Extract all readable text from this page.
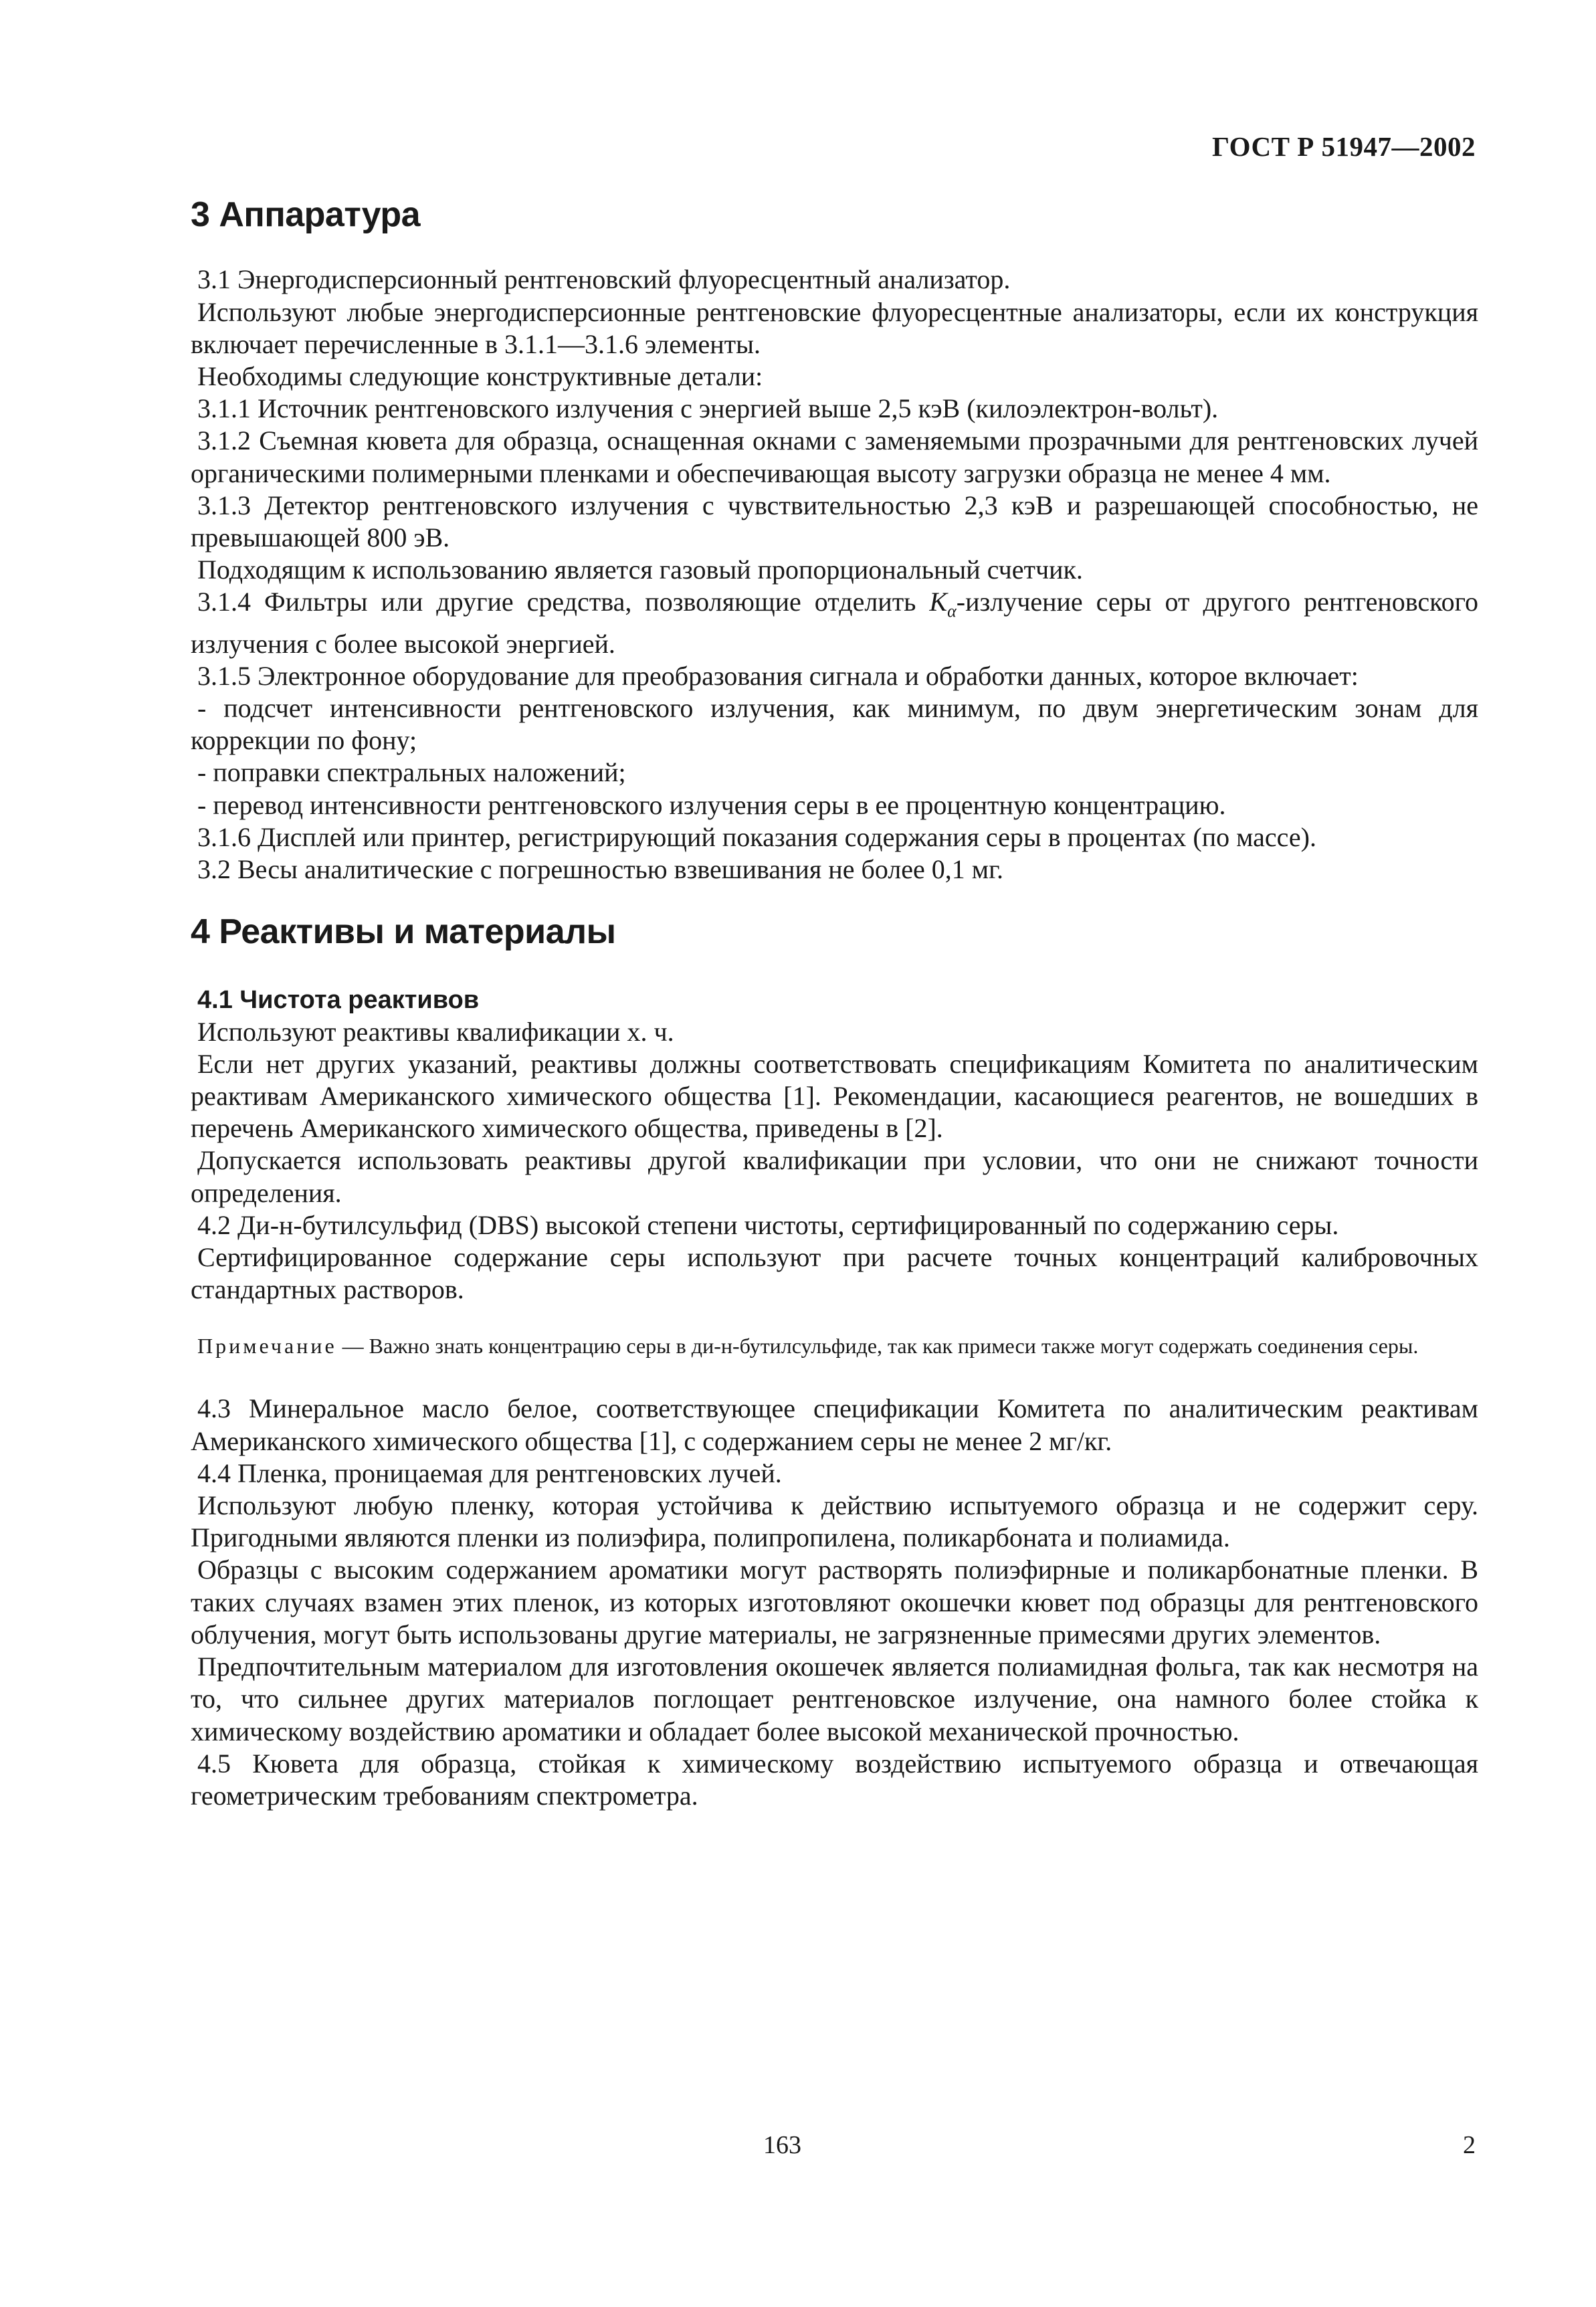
ГОСТ Р 51947—2002
3 Аппаратура

3.1 Энергодисперсионный рентгеновский флуоресцентный анализатор.

Используют любые энергодисперсионные рентгеновские флуоресцентные анализаторы, если их конструкция включает перечисленные в 3.1.1—3.1.6 элементы.

Необходимы следующие конструктивные детали:

3.1.1 Источник рентгеновского излучения с энергией выше 2,5 кэВ (килоэлектрон-вольт).

3.1.2 Съемная кювета для образца, оснащенная окнами с заменяемыми прозрачными для рентгеновских лучей органическими полимерными пленками и обеспечивающая высоту загрузки образца не менее 4 мм.

3.1.3 Детектор рентгеновского излучения с чувствительностью 2,3 кэВ и разрешающей способностью, не превышающей 800 эВ.

Подходящим к использованию является газовый пропорциональный счетчик.

3.1.4 Фильтры или другие средства, позволяющие отделить $K_\alpha$-излучение серы от другого рентгеновского излучения с более высокой энергией.

3.1.5 Электронное оборудование для преобразования сигнала и обработки данных, которое включает:

- подсчет интенсивности рентгеновского излучения, как минимум, по двум энергетическим зонам для коррекции по фону;

- поправки спектральных наложений;

- перевод интенсивности рентгеновского излучения серы в ее процентную концентрацию.

3.1.6 Дисплей или принтер, регистрирующий показания содержания серы в процентах (по массе).

3.2 Весы аналитические с погрешностью взвешивания не более 0,1 мг.

4 Реактивы и материалы
4.1 Чистота реактивов

Используют реактивы квалификации х. ч.

Если нет других указаний, реактивы должны соответствовать спецификациям Комитета по аналитическим реактивам Американского химического общества [1]. Рекомендации, касающиеся реагентов, не вошедших в перечень Американского химического общества, приведены в [2].

Допускается использовать реактивы другой квалификации при условии, что они не снижают точности определения.

4.2 Ди-н-бутилсульфид (DBS) высокой степени чистоты, сертифицированный по содержанию серы.

Сертифицированное содержание серы используют при расчете точных концентраций калибровочных стандартных растворов.

Примечание — Важно знать концентрацию серы в ди-н-бутилсульфиде, так как примеси также могут содержать соединения серы.

4.3 Минеральное масло белое, соответствующее спецификации Комитета по аналитическим реактивам Американского химического общества [1], с содержанием серы не менее 2 мг/кг.

4.4 Пленка, проницаемая для рентгеновских лучей.

Используют любую пленку, которая устойчива к действию испытуемого образца и не содержит серу. Пригодными являются пленки из полиэфира, полипропилена, поликарбоната и полиамида.

Образцы с высоким содержанием ароматики могут растворять полиэфирные и поликарбонатные пленки. В таких случаях взамен этих пленок, из которых изготовляют окошечки кювет под образцы для рентгеновского облучения, могут быть использованы другие материалы, не загрязненные примесями других элементов.

Предпочтительным материалом для изготовления окошечек является полиамидная фольга, так как несмотря на то, что сильнее других материалов поглощает рентгеновское излучение, она намного более стойка к химическому воздействию ароматики и обладает более высокой механической прочностью.

4.5 Кювета для образца, стойкая к химическому воздействию испытуемого образца и отвечающая геометрическим требованиям спектрометра.

163	2
